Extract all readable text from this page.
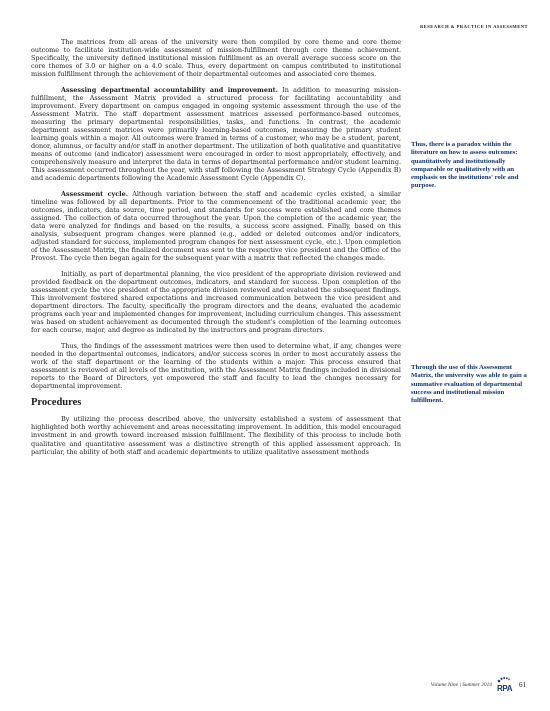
RESEARCH & PRACTICE IN ASSESSMENT

The matrices from all areas of the university were then compiled by core theme and core theme outcome to facilitate institution-wide assessment of mission-fulfillment through core theme achievement. Specifically, the university defined institutional mission fulfillment as an overall average success score on the core themes of 3.0 or higher on a 4.0 scale. Thus, every department on campus contributed to institutional mission fulfillment through the achievement of their departmental outcomes and associated core themes.

Assessing departmental accountability and improvement. In addition to measuring mission-fulfillment, the Assessment Matrix provided a structured process for facilitating accountability and improvement. Every department on campus engaged in ongoing systemic assessment through the use of the Assessment Matrix. The staff department assessment matrices assessed performance-based outcomes, measuring the primary departmental responsibilities, tasks, and functions. In contrast, the academic department assessment matrices were primarily learning-based outcomes, measuring the primary student learning goals within a major. All outcomes were framed in terms of a customer, who may be a student, parent, donor, alumnus, or faculty and/or staff in another department. The utilization of both qualitative and quantitative means of outcome (and indicator) assessment were encouraged in order to most appropriately, effectively, and comprehensively measure and interpret the data in terms of departmental performance and/or student learning. This assessment occurred throughout the year, with staff following the Assessment Strategy Cycle (Appendix B) and academic departments following the Academic Assessment Cycle (Appendix C).

Assessment cycle. Although variation between the staff and academic cycles existed, a similar timeline was followed by all departments. Prior to the commencement of the traditional academic year, the outcomes, indicators, data source, time period, and standards for success were established and core themes assigned. The collection of data occurred throughout the year. Upon the completion of the academic year, the data were analyzed for findings and based on the results, a success score assigned. Finally, based on this analysis, subsequent program changes were planned (e.g., added or deleted outcomes and/or indicators, adjusted standard for success, implemented program changes for next assessment cycle, etc.). Upon completion of the Assessment Matrix, the finalized document was sent to the respective vice president and the Office of the Provost. The cycle then began again for the subsequent year with a matrix that reflected the changes made.

Initially, as part of departmental planning, the vice president of the appropriate division reviewed and provided feedback on the department outcomes, indicators, and standard for success. Upon completion of the assessment cycle the vice president of the appropriate division reviewed and evaluated the subsequent findings. This involvement fostered shared expectations and increased communication between the vice president and department directors. The faculty, specifically the program directors and the deans, evaluated the academic programs each year and implemented changes for improvement, including curriculum changes. This assessment was based on student achievement as documented through the student's completion of the learning outcomes for each course, major, and degree as indicated by the instructors and program directors.

Thus, the findings of the assessment matrices were then used to determine what, if any, changes were needed in the departmental outcomes, indicators, and/or success scores in order to most accurately assess the work of the staff department or the learning of the students within a major. This process ensured that assessment is reviewed at all levels of the institution, with the Assessment Matrix findings included in divisional reports to the Board of Directors, yet empowered the staff and faculty to lead the changes necessary for departmental improvement.

Procedures

By utilizing the process described above, the university established a system of assessment that highlighted both worthy achievement and areas necessitating improvement. In addition, this model encouraged investment in and growth toward increased mission fulfillment. The flexibility of this process to include both qualitative and quantitative assessment was a distinctive strength of this applied assessment approach. In particular, the ability of both staff and academic departments to utilize qualitative assessment methods

Thus, there is a paradox within the literature on how to assess outcomes: quantitatively and institutionally comparable or qualitatively with an emphasis on the institutions' role and purpose.
Through the use of this Assessment Matrix, the university was able to gain a summative evaluation of departmental success and institutional mission fulfillment.
Volume Nine | Summer 2014 RPA 61
